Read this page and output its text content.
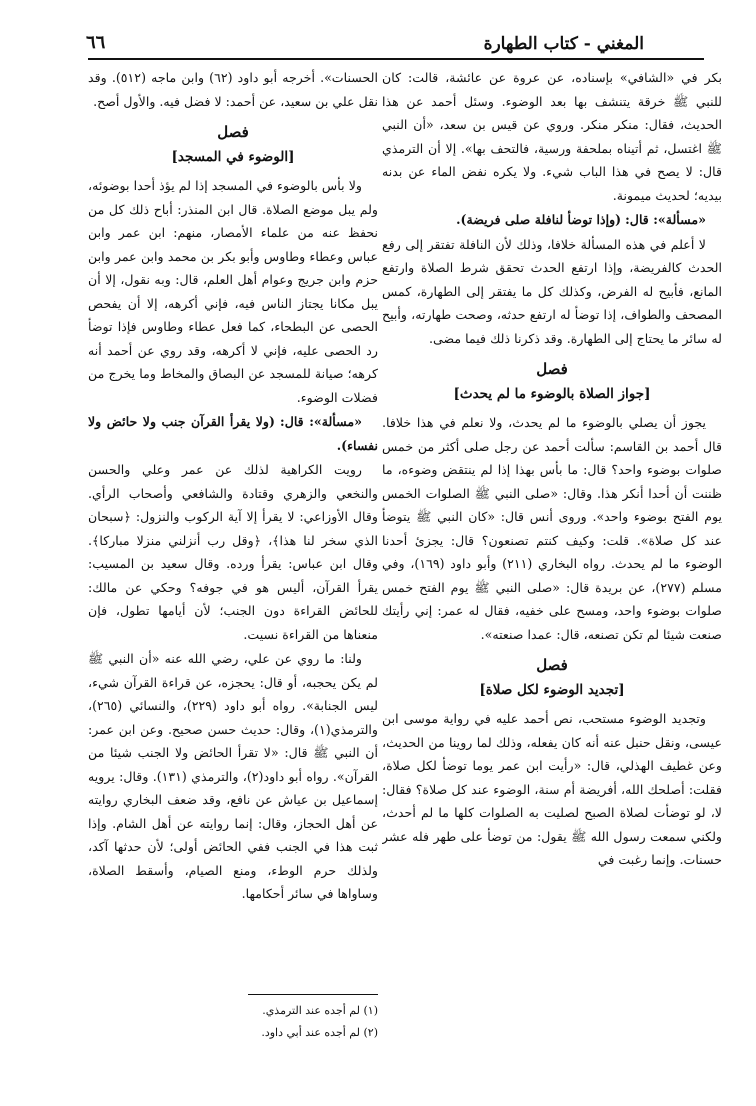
المغني - كتاب الطهارة
٦٦

بكر في «الشافي» بإسناده، عن عروة عن عائشة، قالت: كان للنبي ﷺ خرقة يتنشف بها بعد الوضوء. وسئل أحمد عن هذا الحديث، فقال: منكر منكر. وروي عن قيس بن سعد، «أن النبي ﷺ اغتسل، ثم أتيناه بملحفة ورسية، فالتحف بها». إلا أن الترمذي قال: لا يصح في هذا الباب شيء. ولا يكره نفض الماء عن بدنه بيديه؛ لحديث ميمونة.

«مسألة»: قال: (وإذا توضأ لنافلة صلى فريضة).

لا أعلم في هذه المسألة خلافا، وذلك لأن النافلة تفتقر إلى رفع الحدث كالفريضة، وإذا ارتفع الحدث تحقق شرط الصلاة وارتفع المانع، فأبيح له الفرض، وكذلك كل ما يفتقر إلى الطهارة، كمس المصحف والطواف، إذا توضأ له ارتفع حدثه، وصحت طهارته، وأبيح له سائر ما يحتاج إلى الطهارة. وقد ذكرنا ذلك فيما مضى.

فصل
[جواز الصلاة بالوضوء ما لم يحدث]

يجوز أن يصلي بالوضوء ما لم يحدث، ولا نعلم في هذا خلافا. قال أحمد بن القاسم: سألت أحمد عن رجل صلى أكثر من خمس صلوات بوضوء واحد؟ قال: ما بأس بهذا إذا لم ينتقض وضوءه، ما ظننت أن أحدا أنكر هذا. وقال: «صلى النبي ﷺ الصلوات الخمس يوم الفتح بوضوء واحد». وروى أنس قال: «كان النبي ﷺ يتوضأ عند كل صلاة». قلت: وكيف كنتم تصنعون؟ قال: يجزئ أحدنا الوضوء ما لم يحدث. رواه البخاري (٢١١) وأبو داود (١٦٩)، وفي مسلم (٢٧٧)، عن بريدة قال: «صلى النبي ﷺ يوم الفتح خمس صلوات بوضوء واحد، ومسح على خفيه، فقال له عمر: إني رأيتك صنعت شيئا لم تكن تصنعه، قال: عمدا صنعته».

فصل
[تجديد الوضوء لكل صلاة]

وتجديد الوضوء مستحب، نص أحمد عليه في رواية موسى ابن عيسى، ونقل حنبل عنه أنه كان يفعله، وذلك لما روينا من الحديث، وعن غطيف الهذلي، قال: «رأيت ابن عمر يوما توضأ لكل صلاة، فقلت: أصلحك الله، أفريضة أم سنة، الوضوء عند كل صلاة؟ فقال: لا، لو توضأت لصلاة الصبح لصليت به الصلوات كلها ما لم أحدث، ولكني سمعت رسول الله ﷺ يقول: من توضأ على طهر فله عشر حسنات. وإنما رغبت في

الحسنات». أخرجه أبو داود (٦٢) وابن ماجه (٥١٢). وقد نقل علي بن سعيد، عن أحمد: لا فضل فيه. والأول أصح.

فصل
[الوضوء في المسجد]

ولا بأس بالوضوء في المسجد إذا لم يؤذ أحدا بوضوئه، ولم يبل موضع الصلاة. قال ابن المنذر: أباح ذلك كل من نحفظ عنه من علماء الأمصار، منهم: ابن عمر وابن عباس وعطاء وطاوس وأبو بكر بن محمد وابن عمر وابن حزم وابن جريج وعوام أهل العلم، قال: وبه نقول، إلا أن يبل مكانا يجتاز الناس فيه، فإني أكرهه، إلا أن يفحص الحصى عن البطحاء، كما فعل عطاء وطاوس فإذا توضأ رد الحصى عليه، فإني لا أكرهه، وقد روي عن أحمد أنه كرهه؛ صيانة للمسجد عن البصاق والمخاط وما يخرج من فضلات الوضوء.

«مسألة»: قال: (ولا يقرأ القرآن جنب ولا حائض ولا نفساء).

رويت الكراهية لذلك عن عمر وعلي والحسن والنخعي والزهري وقتادة والشافعي وأصحاب الرأي. وقال الأوزاعي: لا يقرأ إلا آية الركوب والنزول: ﴿سبحان الذي سخر لنا هذا﴾، ﴿وقل رب أنزلني منزلا مباركا﴾. وقال ابن عباس: يقرأ ورده. وقال سعيد بن المسيب: يقرأ القرآن، أليس هو في جوفه؟ وحكي عن مالك: للحائض القراءة دون الجنب؛ لأن أيامها تطول، فإن منعناها من القراءة نسيت.

ولنا: ما روي عن علي، رضي الله عنه «أن النبي ﷺ لم يكن يحجبه، أو قال: يحجزه، عن قراءة القرآن شيء، ليس الجنابة». رواه أبو داود (٢٢٩)، والنسائي (٢٦٥)، والترمذي(١)، وقال: حديث حسن صحيح. وعن ابن عمر: أن النبي ﷺ قال: «لا تقرأ الحائض ولا الجنب شيئا من القرآن». رواه أبو داود(٢)، والترمذي (١٣١). وقال: يرويه إسماعيل بن عياش عن نافع، وقد ضعف البخاري روايته عن أهل الحجاز، وقال: إنما روايته عن أهل الشام. وإذا ثبت هذا في الجنب ففي الحائض أولى؛ لأن حدثها آكد، ولذلك حرم الوطء، ومنع الصيام، وأسقط الصلاة، وساواها في سائر أحكامها.

(١) لم أجده عند الترمذي.
(٢) لم أجده عند أبي داود.
